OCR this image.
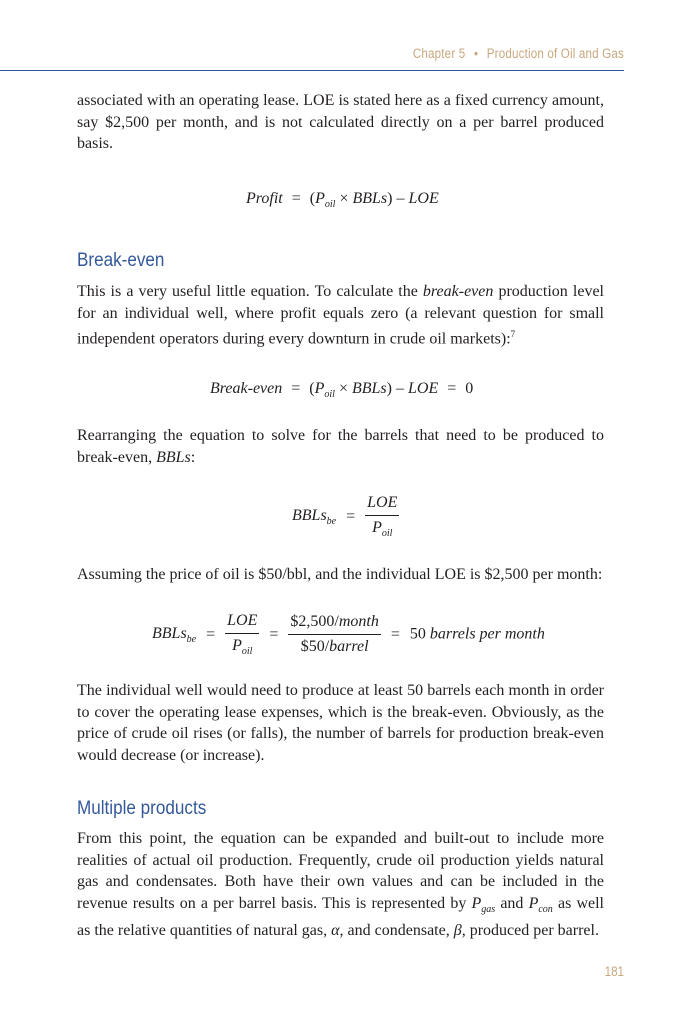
Chapter 5 • Production of Oil and Gas

associated with an operating lease. LOE is stated here as a fixed currency amount, say $2,500 per month, and is not calculated directly on a per barrel produced basis.

Profit = ($P_{oil}$ × BBLs) – LOE
Break-even

This is a very useful little equation. To calculate the break-even production level for an individual well, where profit equals zero (a relevant question for small independent operators during every downturn in crude oil markets):$^7$

Break-even = ($P_{oil}$ × BBLs) – LOE = 0

Rearranging the equation to solve for the barrels that need to be produced to break-even, BBLs:

BBLs$_{be}$ = $\frac{\text{LOE}}{P_{oil}}$

Assuming the price of oil is $50/bbl, and the individual LOE is $2,500 per month:

BBLs$_{be}$ = $\frac{\text{LOE}}{P_{oil}} = \frac{\text{\$2,500/month}}{\text{\$50/barrel}} = 50$ barrels per month

The individual well would need to produce at least 50 barrels each month in order to cover the operating lease expenses, which is the break-even. Obviously, as the price of crude oil rises (or falls), the number of barrels for production break-even would decrease (or increase).

Multiple products

From this point, the equation can be expanded and built-out to include more realities of actual oil production. Frequently, crude oil production yields natural gas and condensates. Both have their own values and can be included in the revenue results on a per barrel basis. This is represented by $P_{gas}$ and $P_{con}$ as well as the relative quantities of natural gas, α, and condensate, β, produced per barrel.

181
